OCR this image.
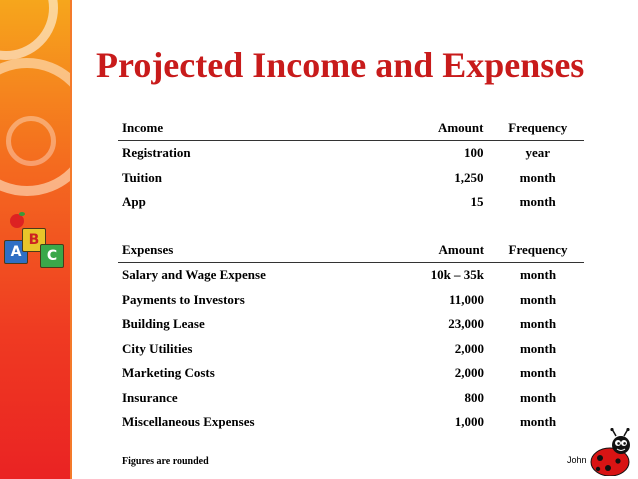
A
B
C
Projected Income and Expenses
Income	Amount	Frequency
Registration	100	year
Tuition	1,250	month
App	15	month
Expenses	Amount	Frequency
Salary and Wage Expense	10k – 35k	month
Payments to Investors	11,000	month
Building Lease	23,000	month
City Utilities	2,000	month
Marketing Costs	2,000	month
Insurance	800	month
Miscellaneous Expenses	1,000	month
Figures are rounded	John
